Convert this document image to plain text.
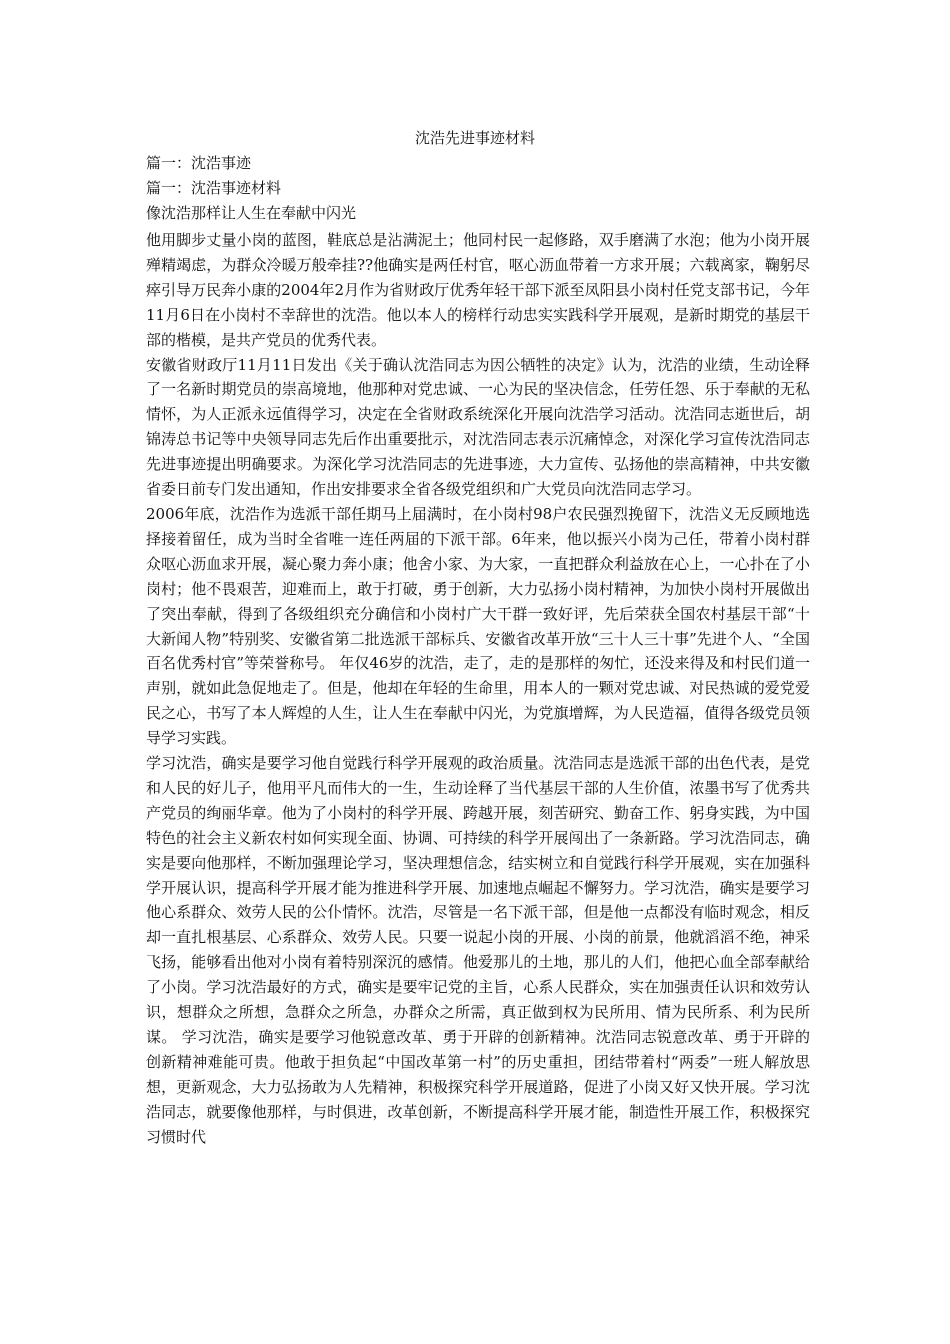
沈浩先进事迹材料
篇一：沈浩事迹
篇一：沈浩事迹材料
像沈浩那样让人生在奉献中闪光

他用脚步丈量小岗的蓝图，鞋底总是沾满泥土；他同村民一起修路，双手磨满了水泡；他为小岗开展殚精竭虑，为群众冷暖万般牵挂??他确实是两任村官，呕心沥血带着一方求开展；六载离家，鞠躬尽瘁引导万民奔小康的2004年2月作为省财政厅优秀年轻干部下派至凤阳县小岗村任党支部书记，今年11月6日在小岗村不幸辞世的沈浩。他以本人的榜样行动忠实实践科学开展观，是新时期党的基层干部的楷模，是共产党员的优秀代表。

安徽省财政厅11月11日发出《关于确认沈浩同志为因公牺牲的决定》认为，沈浩的业绩，生动诠释了一名新时期党员的崇高境地，他那种对党忠诚、一心为民的坚决信念，任劳任怨、乐于奉献的无私情怀，为人正派永远值得学习，决定在全省财政系统深化开展向沈浩学习活动。沈浩同志逝世后，胡锦涛总书记等中央领导同志先后作出重要批示，对沈浩同志表示沉痛悼念，对深化学习宣传沈浩同志先进事迹提出明确要求。为深化学习沈浩同志的先进事迹，大力宣传、弘扬他的崇高精神，中共安徽省委日前专门发出通知，作出安排要求全省各级党组织和广大党员向沈浩同志学习。

2006年底，沈浩作为选派干部任期马上届满时，在小岗村98户农民强烈挽留下，沈浩义无反顾地选择接着留任，成为当时全省唯一连任两届的下派干部。6年来，他以振兴小岗为己任，带着小岗村群众呕心沥血求开展，凝心聚力奔小康；他舍小家、为大家，一直把群众利益放在心上，一心扑在了小岗村；他不畏艰苦，迎难而上，敢于打破，勇于创新，大力弘扬小岗村精神，为加快小岗村开展做出了突出奉献，得到了各级组织充分确信和小岗村广大干群一致好评，先后荣获全国农村基层干部“十大新闻人物”特别奖、安徽省第二批选派干部标兵、安徽省改革开放“三十人三十事”先进个人、“全国百名优秀村官”等荣誉称号。 年仅46岁的沈浩，走了，走的是那样的匆忙，还没来得及和村民们道一声别，就如此急促地走了。但是，他却在年轻的生命里，用本人的一颗对党忠诚、对民热诚的爱党爱民之心，书写了本人辉煌的人生，让人生在奉献中闪光，为党旗增辉，为人民造福，值得各级党员领导学习实践。

学习沈浩，确实是要学习他自觉践行科学开展观的政治质量。沈浩同志是选派干部的出色代表，是党和人民的好儿子，他用平凡而伟大的一生，生动诠释了当代基层干部的人生价值，浓墨书写了优秀共产党员的绚丽华章。他为了小岗村的科学开展、跨越开展，刻苦研究、勤奋工作、躬身实践，为中国特色的社会主义新农村如何实现全面、协调、可持续的科学开展闯出了一条新路。学习沈浩同志，确实是要向他那样，不断加强理论学习，坚决理想信念，结实树立和自觉践行科学开展观，实在加强科学开展认识，提高科学开展才能为推进科学开展、加速地点崛起不懈努力。学习沈浩，确实是要学习他心系群众、效劳人民的公仆情怀。沈浩，尽管是一名下派干部，但是他一点都没有临时观念，相反却一直扎根基层、心系群众、效劳人民。只要一说起小岗的开展、小岗的前景，他就滔滔不绝，神采飞扬，能够看出他对小岗有着特别深沉的感情。他爱那儿的土地，那儿的人们，他把心血全部奉献给了小岗。学习沈浩最好的方式，确实是要牢记党的主旨，心系人民群众，实在加强责任认识和效劳认识，想群众之所想，急群众之所急，办群众之所需，真正做到权为民所用、情为民所系、利为民所谋。 学习沈浩，确实是要学习他锐意改革、勇于开辟的创新精神。沈浩同志锐意改革、勇于开辟的创新精神难能可贵。他敢于担负起“中国改革第一村”的历史重担，团结带着村“两委”一班人解放思想，更新观念，大力弘扬敢为人先精神，积极探究科学开展道路，促进了小岗又好又快开展。学习沈浩同志，就要像他那样，与时俱进，改革创新，不断提高科学开展才能，制造性开展工作，积极探究习惯时代
